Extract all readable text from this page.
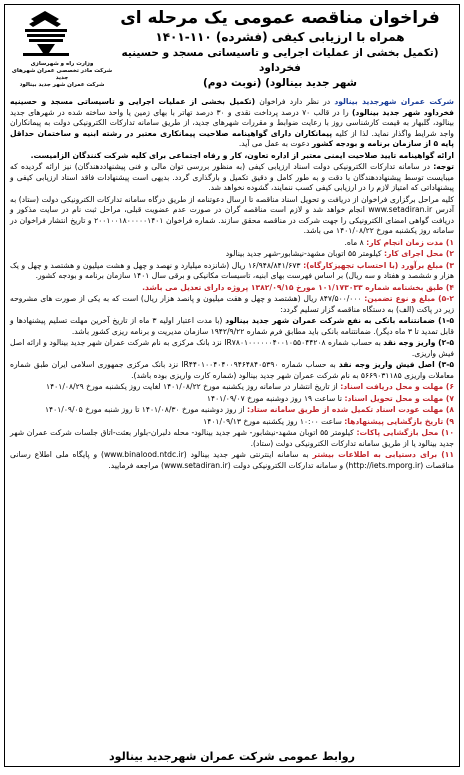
وزارت راه و شهرسازی
شرکت مادر تخصصی عمران شهرهای جدید
شرکت عمران شهر جدید بینالود
فراخوان مناقصه عمومی یک مرحله ای
همراه با ارزیابی کیفی (فشرده) ۱۱۰-۱۴۰۱
(تکمیل بخشی از عملیات اجرایی و تاسیساتی مسجد و حسینیه فخرداود
شهر جدید بینالود) (نوبت دوم)

شرکت عمران شهرجدید بینالود در نظر دارد فراخوان (تکمیل بخشی از عملیات اجرایی و تاسیساتی مسجد و حسینیه فخرداود شهر جدید بینالود) را در قالب ۷۰ درصد پرداخت نقدی و ۳۰ درصد تهاتر با بهای زمین یا واحد ساخته شده در شهرهای جدید بینالود، گلبهار به قیمت کارشناسی روز با رعایت ضوابط و مقررات شهرهای جدید، از طریق سامانه تدارکات الکترونیکی دولت به پیمانکاران واجد شرایط واگذار نماید. لذا از کلیه پیمانکاران دارای گواهینامه صلاحیت پیمانکاری معتبر در رشته ابنیه و ساختمان حداقل پایه ۵ از سازمان برنامه و بودجه کشور دعوت به عمل می آید.

ارائه گواهینامه تایید صلاحیت ایمنی معتبر از اداره تعاون، کار و رفاه اجتماعی برای کلیه شرکت کنندگان الزامیست.

توجه: در سامانه تدارکات الکترونیکی دولت اسناد ارزیابی کیفی (به منظور بررسی توان مالی و فنی پیشنهاددهندگان) نیز ارائه گردیده که میبایست توسط پیشنهاددهندگان با دقت و به طور کامل و دقیق تکمیل و بارگذاری گردد. بدیهی است پیشنهادات فاقد اسناد ارزیابی کیفی و پیشنهاداتی که امتیاز لازم را در ارزیابی کیفی کسب ننمایند، گشوده نخواهد شد.

کلیه مراحل برگزاری فراخوان از دریافت و تحویل اسناد مناقصه تا ارسال دعوتنامه از طریق درگاه سامانه تدارکات الکترونیکی دولت (ستاد) به آدرس www.setadiran.ir انجام خواهد شد و لازم است مناقصه گران در صورت عدم عضویت قبلی، مراحل ثبت نام در سایت مذکور و دریافت گواهی امضای الکترونیکی را جهت شرکت در مناقصه محقق سازند. شماره فراخوان ۲۰۰۱۰۰۱۸۰۰۰۰۰۱۴۰۱ و تاریخ انتشار فراخوان در سامانه روز یکشنبه مورخ ۱۴۰۱/۰۸/۲۲ می باشد.

۱) مدت زمان انجام کار: ۸ ماه.

۲) محل اجرای کار: کیلومتر ۵۵ اتوبان مشهد-نیشابور-شهر جدید بینالود

۳) مبلغ برآورد (با احتساب تجهیزکارگاه): ۱۶/۹۴۸/۸۴۱/۶۷۳ ریال (شانزده میلیارد و نهصد و چهل و هشت میلیون و هشتصد و چهل و یک هزار و ششصد و هفتاد و سه ریال) بر اساس فهرست بهای ابنیه، تاسیسات مکانیکی و برقی سال ۱۴۰۱ سازمان برنامه و بودجه کشور.

۴) طبق بخشنامه شماره ۱۰۱/۱۷۳۰۳۳ مورخ ۱۳۸۲/۰۹/۱۵ پروژه دارای تعدیل می باشد.

۵-۲) مبلغ و نوع تضمین: ۸۴۷/۵۰۰/۰۰۰ ریال (هشتصد و چهل و هفت میلیون و پانصد هزار ریال) است که به یکی از صورت های مشروحه زیر در پاکت (الف) به دستگاه مناقصه گزار تسلیم گردد:

۱-۵) ضمانتنامه بانکی به نفع شرکت عمران شهر جدید بینالود (با مدت اعتبار اولیه ۳ ماه از تاریخ آخرین مهلت تسلیم پیشنهادها و قابل تمدید تا ۳ ماه دیگر). ضمانتنامه بانکی باید مطابق فرم شماره ۱۹۴۲/۹/۲۲ سازمان مدیریت و برنامه ریزی کشور باشد.

۲-۵) واریز وجه نقد به حساب شماره IR۷۸۰۱۰۰۰۰۰۰۴۰۰۱۰۵۵۰۴۴۲۰۸ نزد بانک مرکزی به نام شرکت عمران شهر جدید بینالود و ارائه اصل فیش واریزی.

۳-۵) اصل فیش واریز وجه نقد به حساب شماره IR۴۴۰۱۰۰۴۰۴۰۰۹۴۶۴۸۴۰۵۳۹۰ نزد بانک مرکزی جمهوری اسلامی ایران طبق شماره معاملات واریزی ۵۶۶۹۰۳۱۱۸۵ به نام شرکت عمران شهر جدید بینالود (شماره کارت واریزی بوده باشد).

۶) مهلت و محل دریافت اسناد: از تاریخ انتشار در سامانه روز یکشنبه مورخ ۱۴۰۱/۰۸/۲۲ لغایت روز یکشنبه مورخ ۱۴۰۱/۰۸/۲۹

۷) مهلت و محل تحویل اسناد: تا ساعت ۱۹ روز دوشنبه مورخ ۱۴۰۱/۰۹/۰۷

۸) مهلت عودت اسناد تکمیل شده از طریق سامانه ستاد: از روز دوشنبه مورخ ۱۴۰۱/۰۸/۳۰ تا روز شنبه مورخ ۱۴۰۱/۰۹/۰۵

۹) تاریخ بازگشایی پیشنهادها: ساعت ۱۰:۰۰ روز یکشنبه مورخ ۱۴۰۱/۰۹/۱۳

۱۰) محل بازگشایی پاکات: کیلومتر ۵۵ اتوبان مشهد-نیشابور- شهر جدید بینالود- محله دلبران-بلوار بعثت-اتاق جلسات شرکت عمران شهر جدید بینالود یا از طریق سامانه تدارکات الکترونیکی دولت (ستاد).

۱۱) برای دستیابی به اطلاعات بیشتر به سامانه اینترنتی شهر جدید بینالود (www.binalood.ntdc.ir) و پایگاه ملی اطلاع رسانی مناقصات (http://iets.mporg.ir) و سامانه تدارکات الکترونیکی دولت (www.setadiran.ir) مراجعه فرمایید.

روابط عمومی شرکت عمران شهرجدید بینالود
